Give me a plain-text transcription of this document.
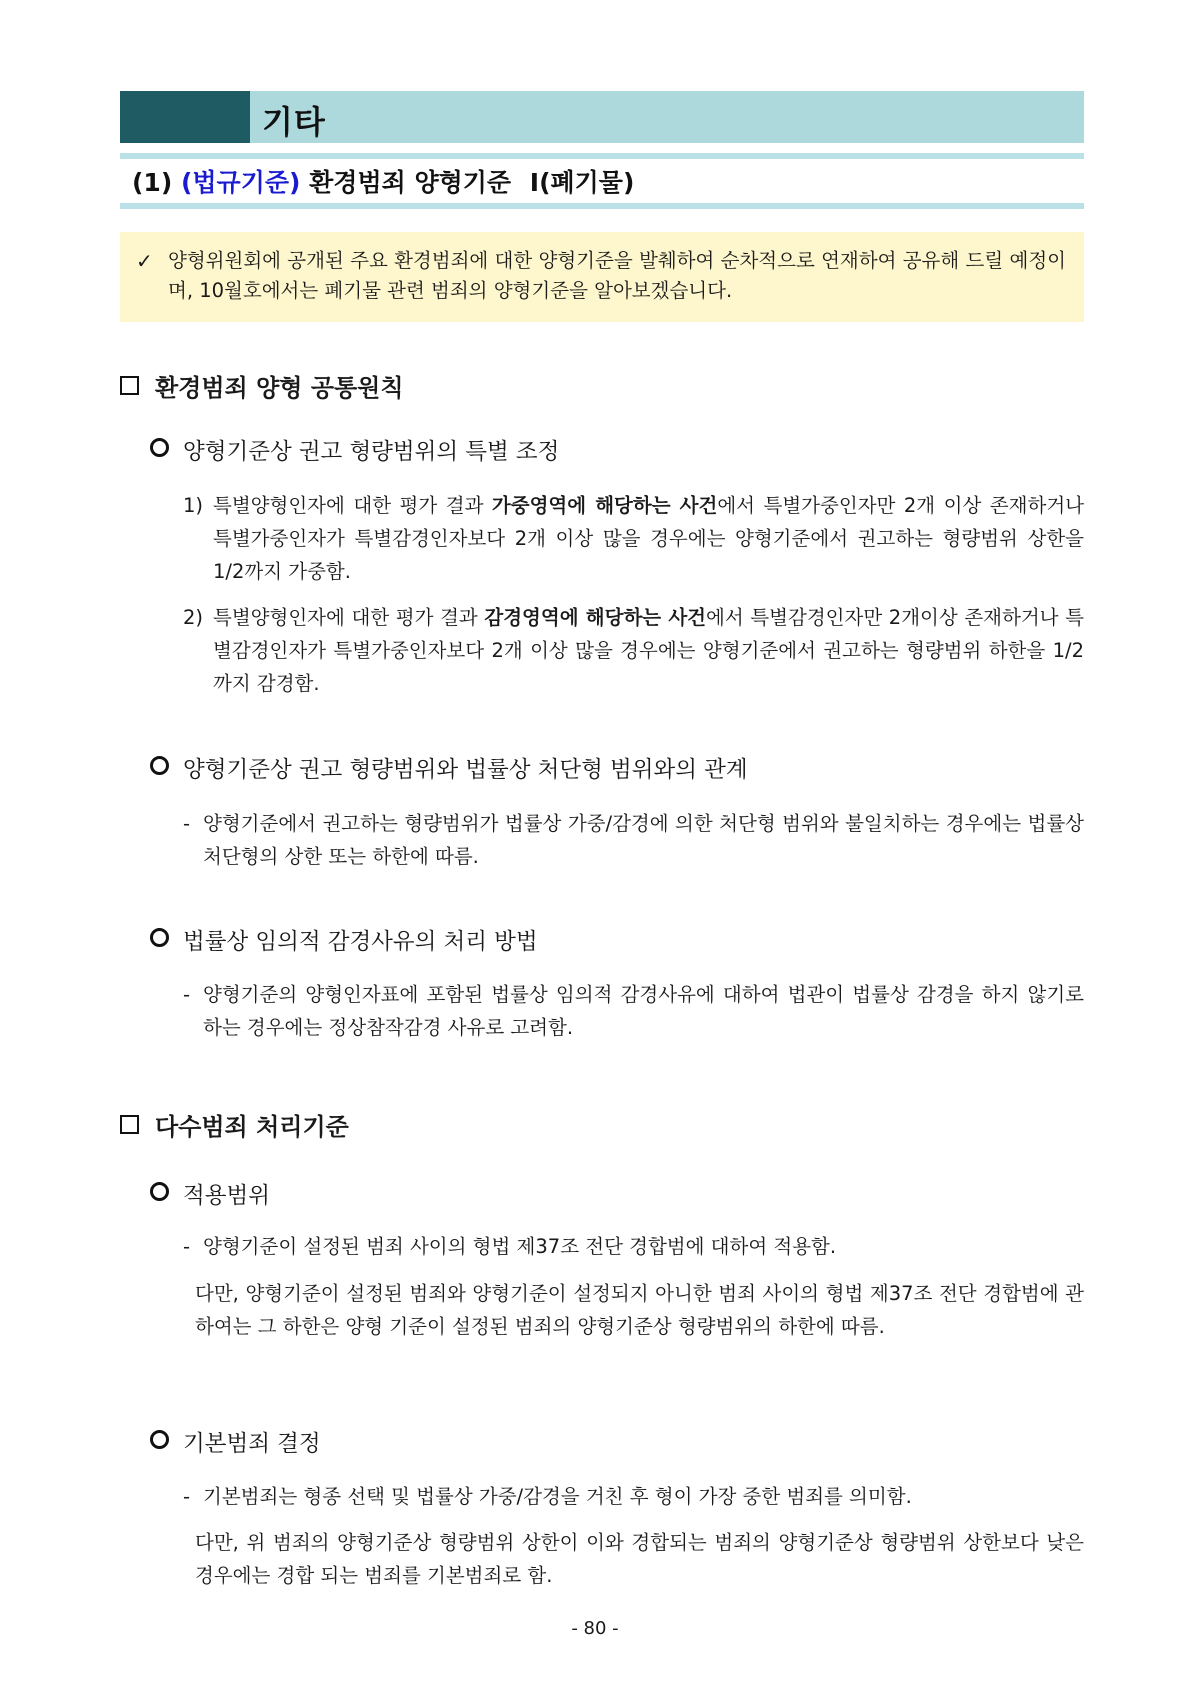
기타
(1) (법규기준) 환경범죄 양형기준 Ⅰ(폐기물)
✓ 양형위원회에 공개된 주요 환경범죄에 대한 양형기준을 발췌하여 순차적으로 연재하여 공유해 드릴 예정이며, 10월호에서는 폐기물 관련 범죄의 양형기준을 알아보겠습니다.
환경범죄 양형 공통원칙
양형기준상 권고 형량범위의 특별 조정
1) 특별양형인자에 대한 평가 결과 가중영역에 해당하는 사건에서 특별가중인자만 2개 이상 존재하거나 특별가중인자가 특별감경인자보다 2개 이상 많을 경우에는 양형기준에서 권고하는 형량범위 상한을 1/2까지 가중함.
2) 특별양형인자에 대한 평가 결과 감경영역에 해당하는 사건에서 특별감경인자만 2개이상 존재하거나 특별감경인자가 특별가중인자보다 2개 이상 많을 경우에는 양형기준에서 권고하는 형량범위 하한을 1/2까지 감경함.
양형기준상 권고 형량범위와 법률상 처단형 범위와의 관계
- 양형기준에서 권고하는 형량범위가 법률상 가중/감경에 의한 처단형 범위와 불일치하는 경우에는 법률상 처단형의 상한 또는 하한에 따름.
법률상 임의적 감경사유의 처리 방법
- 양형기준의 양형인자표에 포함된 법률상 임의적 감경사유에 대하여 법관이 법률상 감경을 하지 않기로 하는 경우에는 정상참작감경 사유로 고려함.
다수범죄 처리기준
적용범위
- 양형기준이 설정된 범죄 사이의 형법 제37조 전단 경합범에 대하여 적용함.
다만, 양형기준이 설정된 범죄와 양형기준이 설정되지 아니한 범죄 사이의 형법 제37조 전단 경합범에 관하여는 그 하한은 양형 기준이 설정된 범죄의 양형기준상 형량범위의 하한에 따름.
기본범죄 결정
- 기본범죄는 형종 선택 및 법률상 가중/감경을 거친 후 형이 가장 중한 범죄를 의미함.
다만, 위 범죄의 양형기준상 형량범위 상한이 이와 경합되는 범죄의 양형기준상 형량범위 상한보다 낮은 경우에는 경합 되는 범죄를 기본범죄로 함.
- 80 -
